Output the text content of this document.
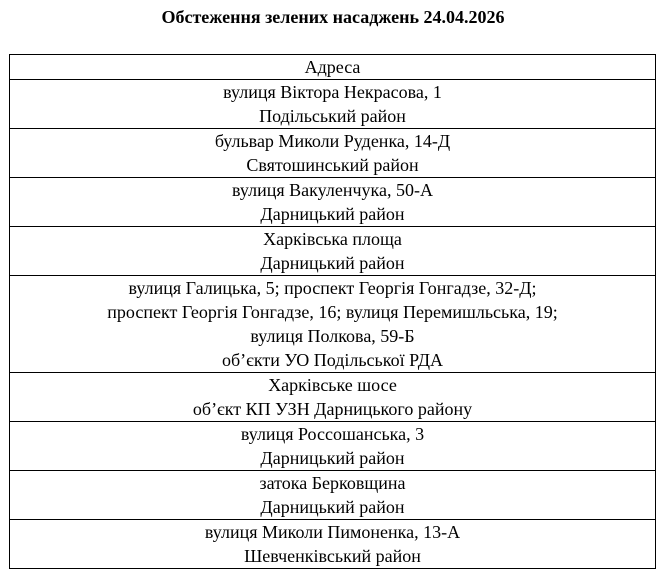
Обстеження зелених насаджень 24.04.2026
Адреса

вулиця Віктора Некрасова, 1
Подільський район

бульвар Миколи Руденка, 14-Д
Святошинський район

вулиця Вакуленчука, 50-А
Дарницький район

Харківська площа
Дарницький район

вулиця Галицька, 5; проспект Георгія Гонгадзе, 32-Д;
проспект Георгія Гонгадзе, 16; вулиця Перемишльська, 19;
вулиця Полкова, 59-Б
об’єкти УО Подільської РДА

Харківське шосе
об’єкт КП УЗН Дарницького району

вулиця Россошанська, 3
Дарницький район

затока Берковщина
Дарницький район

вулиця Миколи Пимоненка, 13-А
Шевченківський район
